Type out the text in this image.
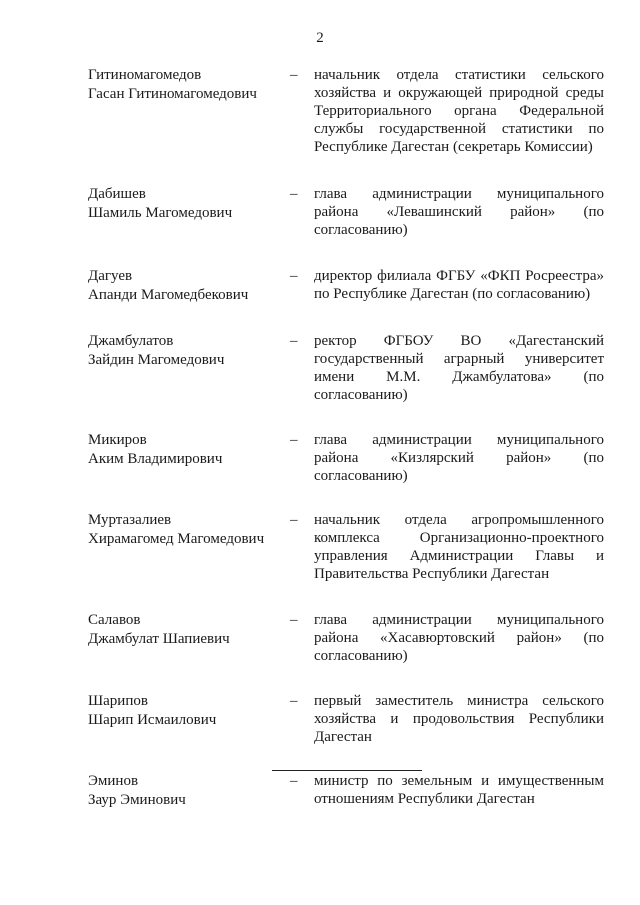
2
Гитиномагомедов
Гасан Гитиномагомедович
–	начальник отдела статистики сельского хозяйства и окружающей природной среды Территориального органа Федеральной службы государственной статистики по Республике Дагестан (секретарь Комиссии)
Дабишев
Шамиль Магомедович
–	глава администрации муниципального района «Левашинский район» (по согласованию)
Дагуев
Апанди Магомедбекович
–	директор филиала ФГБУ «ФКП Росреестра» по Республике Дагестан (по согласованию)
Джамбулатов
Зайдин Магомедович
–	ректор ФГБОУ ВО «Дагестанский государственный аграрный университет имени М.М. Джамбулатова» (по согласованию)
Микиров
Аким Владимирович
–	глава администрации муниципального района «Кизлярский район» (по согласованию)
Муртазалиев
Хирамагомед Магомедович
–	начальник отдела агропромышленного комплекса Организационно-проектного управления Администрации Главы и Правительства Республики Дагестан
Салавов
Джамбулат Шапиевич
–	глава администрации муниципального района «Хасавюртовский район» (по согласованию)
Шарипов
Шарип Исмаилович
–	первый заместитель министра сельского хозяйства и продовольствия Республики Дагестан
Эминов
Заур Эминович
–	министр по земельным и имущественным отношениям Республики Дагестан
